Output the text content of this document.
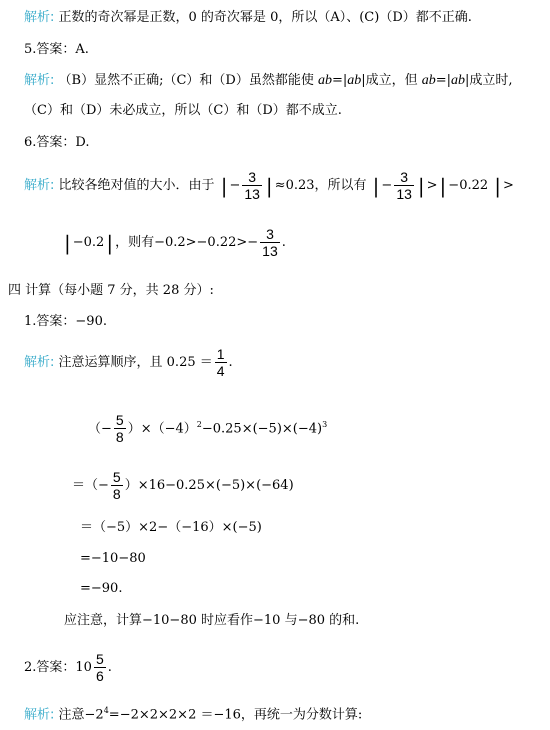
解析: 正数的奇次幂是正数，0 的奇次幂是 0，所以（A）、(C)（D）都不正确.
5.答案：A.
解析: （B）显然不正确;（C）和（D）虽然都能使 ab=|ab|成立，但 ab=|ab|成立时,
（C）和（D）未必成立，所以（C）和（D）都不成立.
6.答案：D.
解析: 比较各绝对值的大小．由于 | − $\frac{3}{13}$ | ≈0.23，所以有 | − $\frac{3}{13}$ | > | −0.22 | >
| −0.2 | ，则有$-0.2>-0.22>- \frac{3}{13}$ .
四 计算（每小题 7 分，共 28 分）:
1.答案：−90.
解析: 注意运算顺序，且 $0.25 = \frac{1}{4}$ .
（− $\frac{5}{8} )\times(-4)^2-0.25\times(-5)\times(-4)^3$
＝（− $\frac{5}{8} )\times 16-0.25\times(-5)\times(-64)$
＝（−5）×2−（−16）×(−5)
=−10−80
=−90.
应注意，计算−10−80 时应看作−10 与−80 的和.
2.答案：$10 \frac{5}{6}$ .
解析: 注意$-2^4=-2\times 2\times 2\times 2 =-16$，再统一为分数计算:
